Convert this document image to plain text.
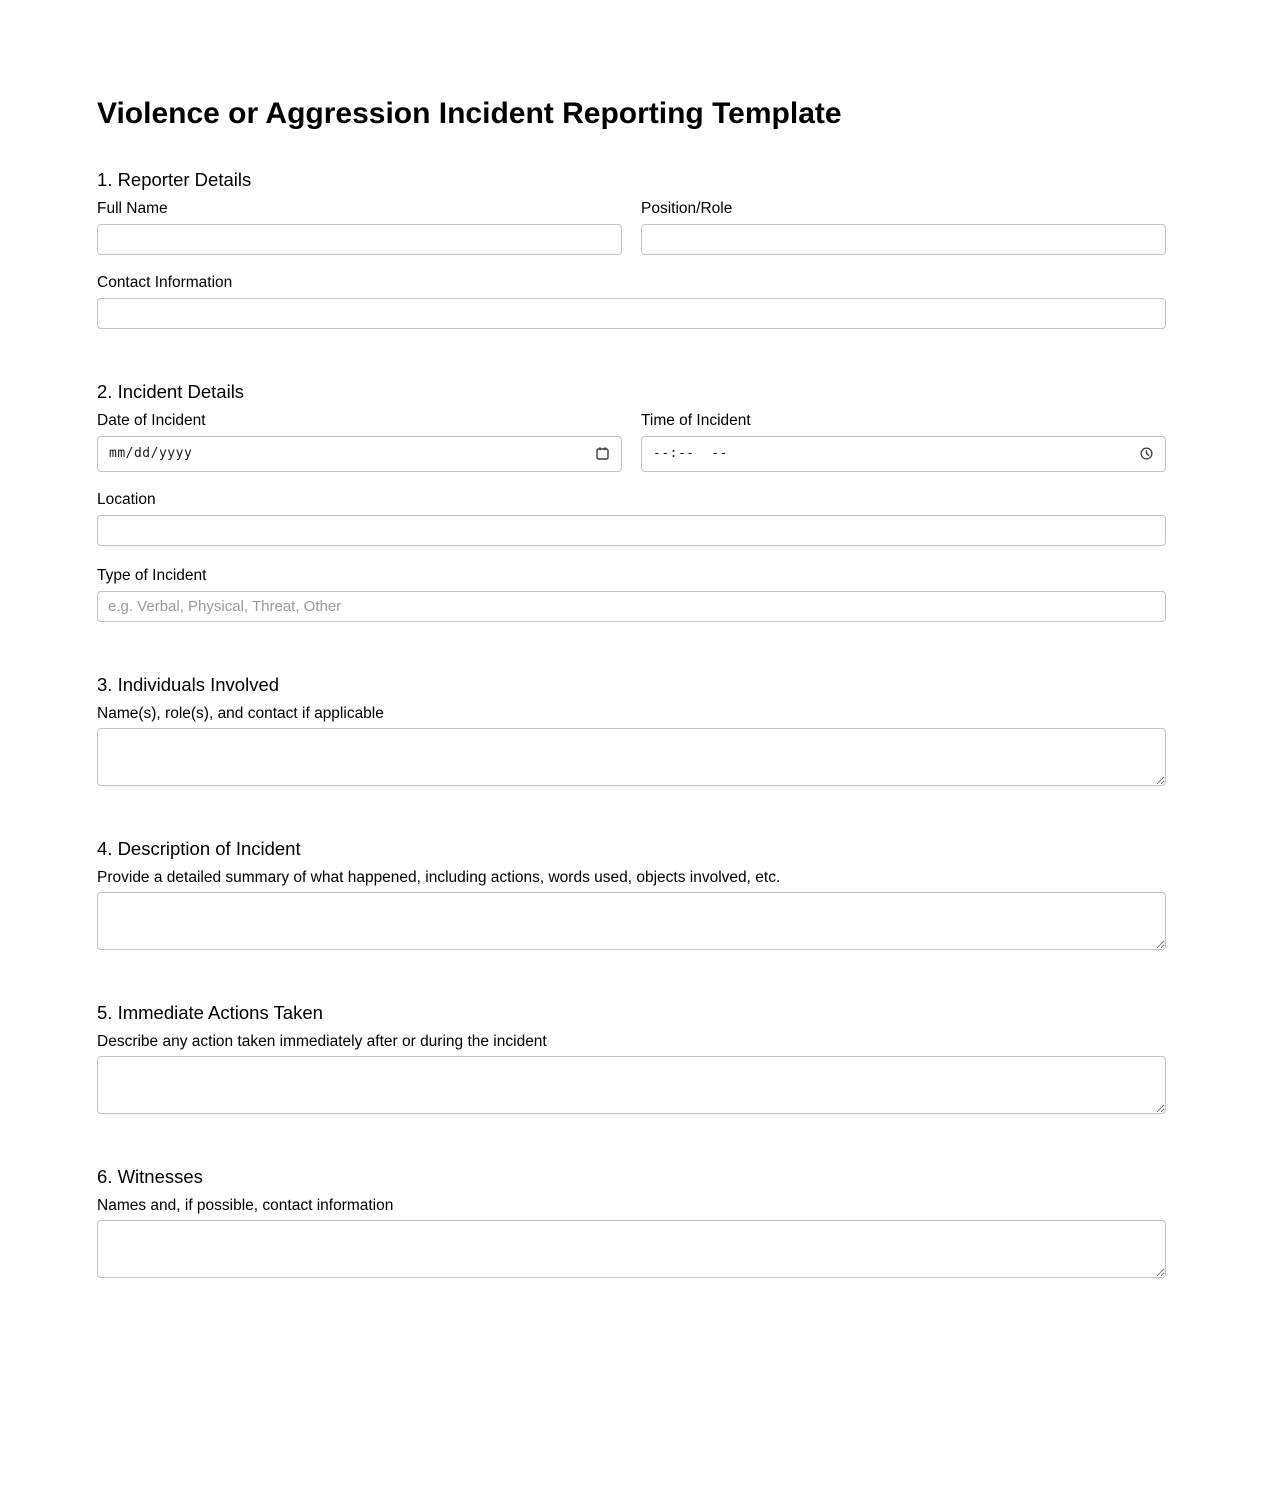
Violence or Aggression Incident Reporting Template
1. Reporter Details
Full Name	Position/Role
Contact Information
2. Incident Details
Date of Incident
mm/dd/yyyy
Time of Incident
--:--  --
Location
Type of Incident
e.g. Verbal, Physical, Threat, Other
3. Individuals Involved
Name(s), role(s), and contact if applicable
4. Description of Incident
Provide a detailed summary of what happened, including actions, words used, objects involved, etc.
5. Immediate Actions Taken
Describe any action taken immediately after or during the incident
6. Witnesses
Names and, if possible, contact information
